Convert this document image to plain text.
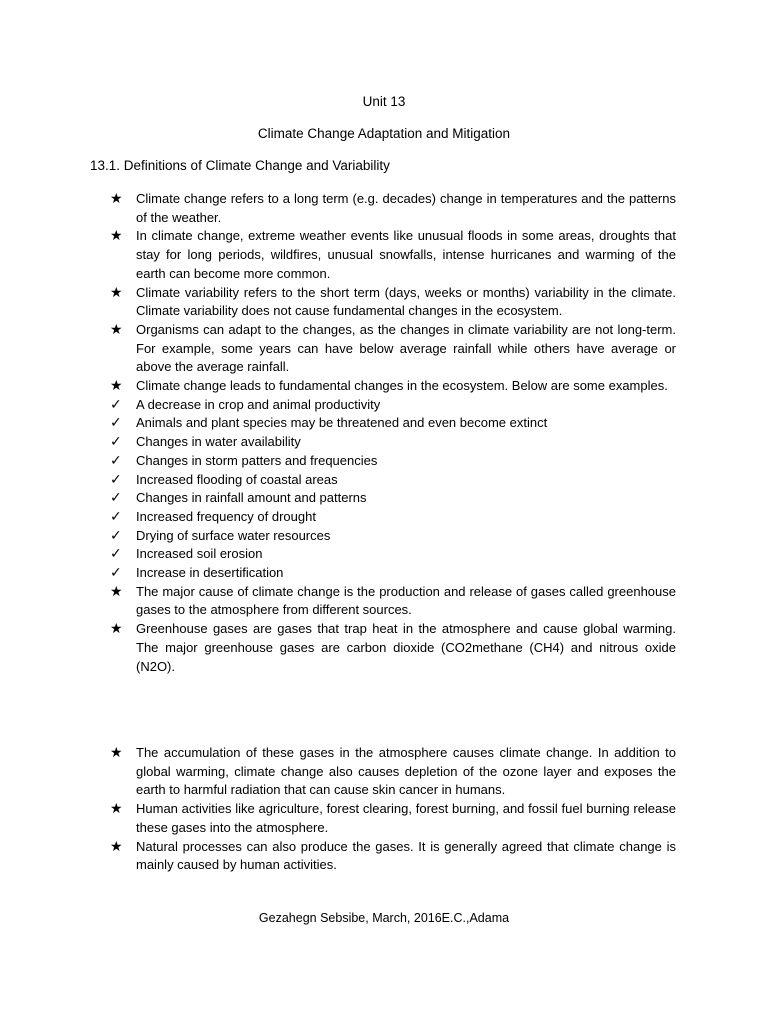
Unit 13
Climate Change Adaptation and Mitigation
13.1. Definitions of Climate Change and Variability
★	Climate change refers to a long term (e.g. decades) change in temperatures and the patterns of the weather.
★	In climate change, extreme weather events like unusual floods in some areas, droughts that stay for long periods, wildfires, unusual snowfalls, intense hurricanes and warming of the earth can become more common.
★	Climate variability refers to the short term (days, weeks or months) variability in the climate. Climate variability does not cause fundamental changes in the ecosystem.
★	Organisms can adapt to the changes, as the changes in climate variability are not long-term. For example, some years can have below average rainfall while others have average or above the average rainfall.
★	Climate change leads to fundamental changes in the ecosystem. Below are some examples.
✓	A decrease in crop and animal productivity
✓	Animals and plant species may be threatened and even become extinct
✓	Changes in water availability
✓	Changes in storm patters and frequencies
✓	Increased flooding of coastal areas
✓	Changes in rainfall amount and patterns
✓	Increased frequency of drought
✓	Drying of surface water resources
✓	Increased soil erosion
✓	Increase in desertification
★	The major cause of climate change is the production and release of gases called greenhouse gases to the atmosphere from different sources.
★	Greenhouse gases are gases that trap heat in the atmosphere and cause global warming. The major greenhouse gases are carbon dioxide (CO2methane (CH4) and nitrous oxide (N2O).
★	The accumulation of these gases in the atmosphere causes climate change. In addition to global warming, climate change also causes depletion of the ozone layer and exposes the earth to harmful radiation that can cause skin cancer in humans.
★	Human activities like agriculture, forest clearing, forest burning, and fossil fuel burning release these gases into the atmosphere.
★	Natural processes can also produce the gases. It is generally agreed that climate change is mainly caused by human activities.
Gezahegn Sebsibe, March, 2016E.C.,Adama
